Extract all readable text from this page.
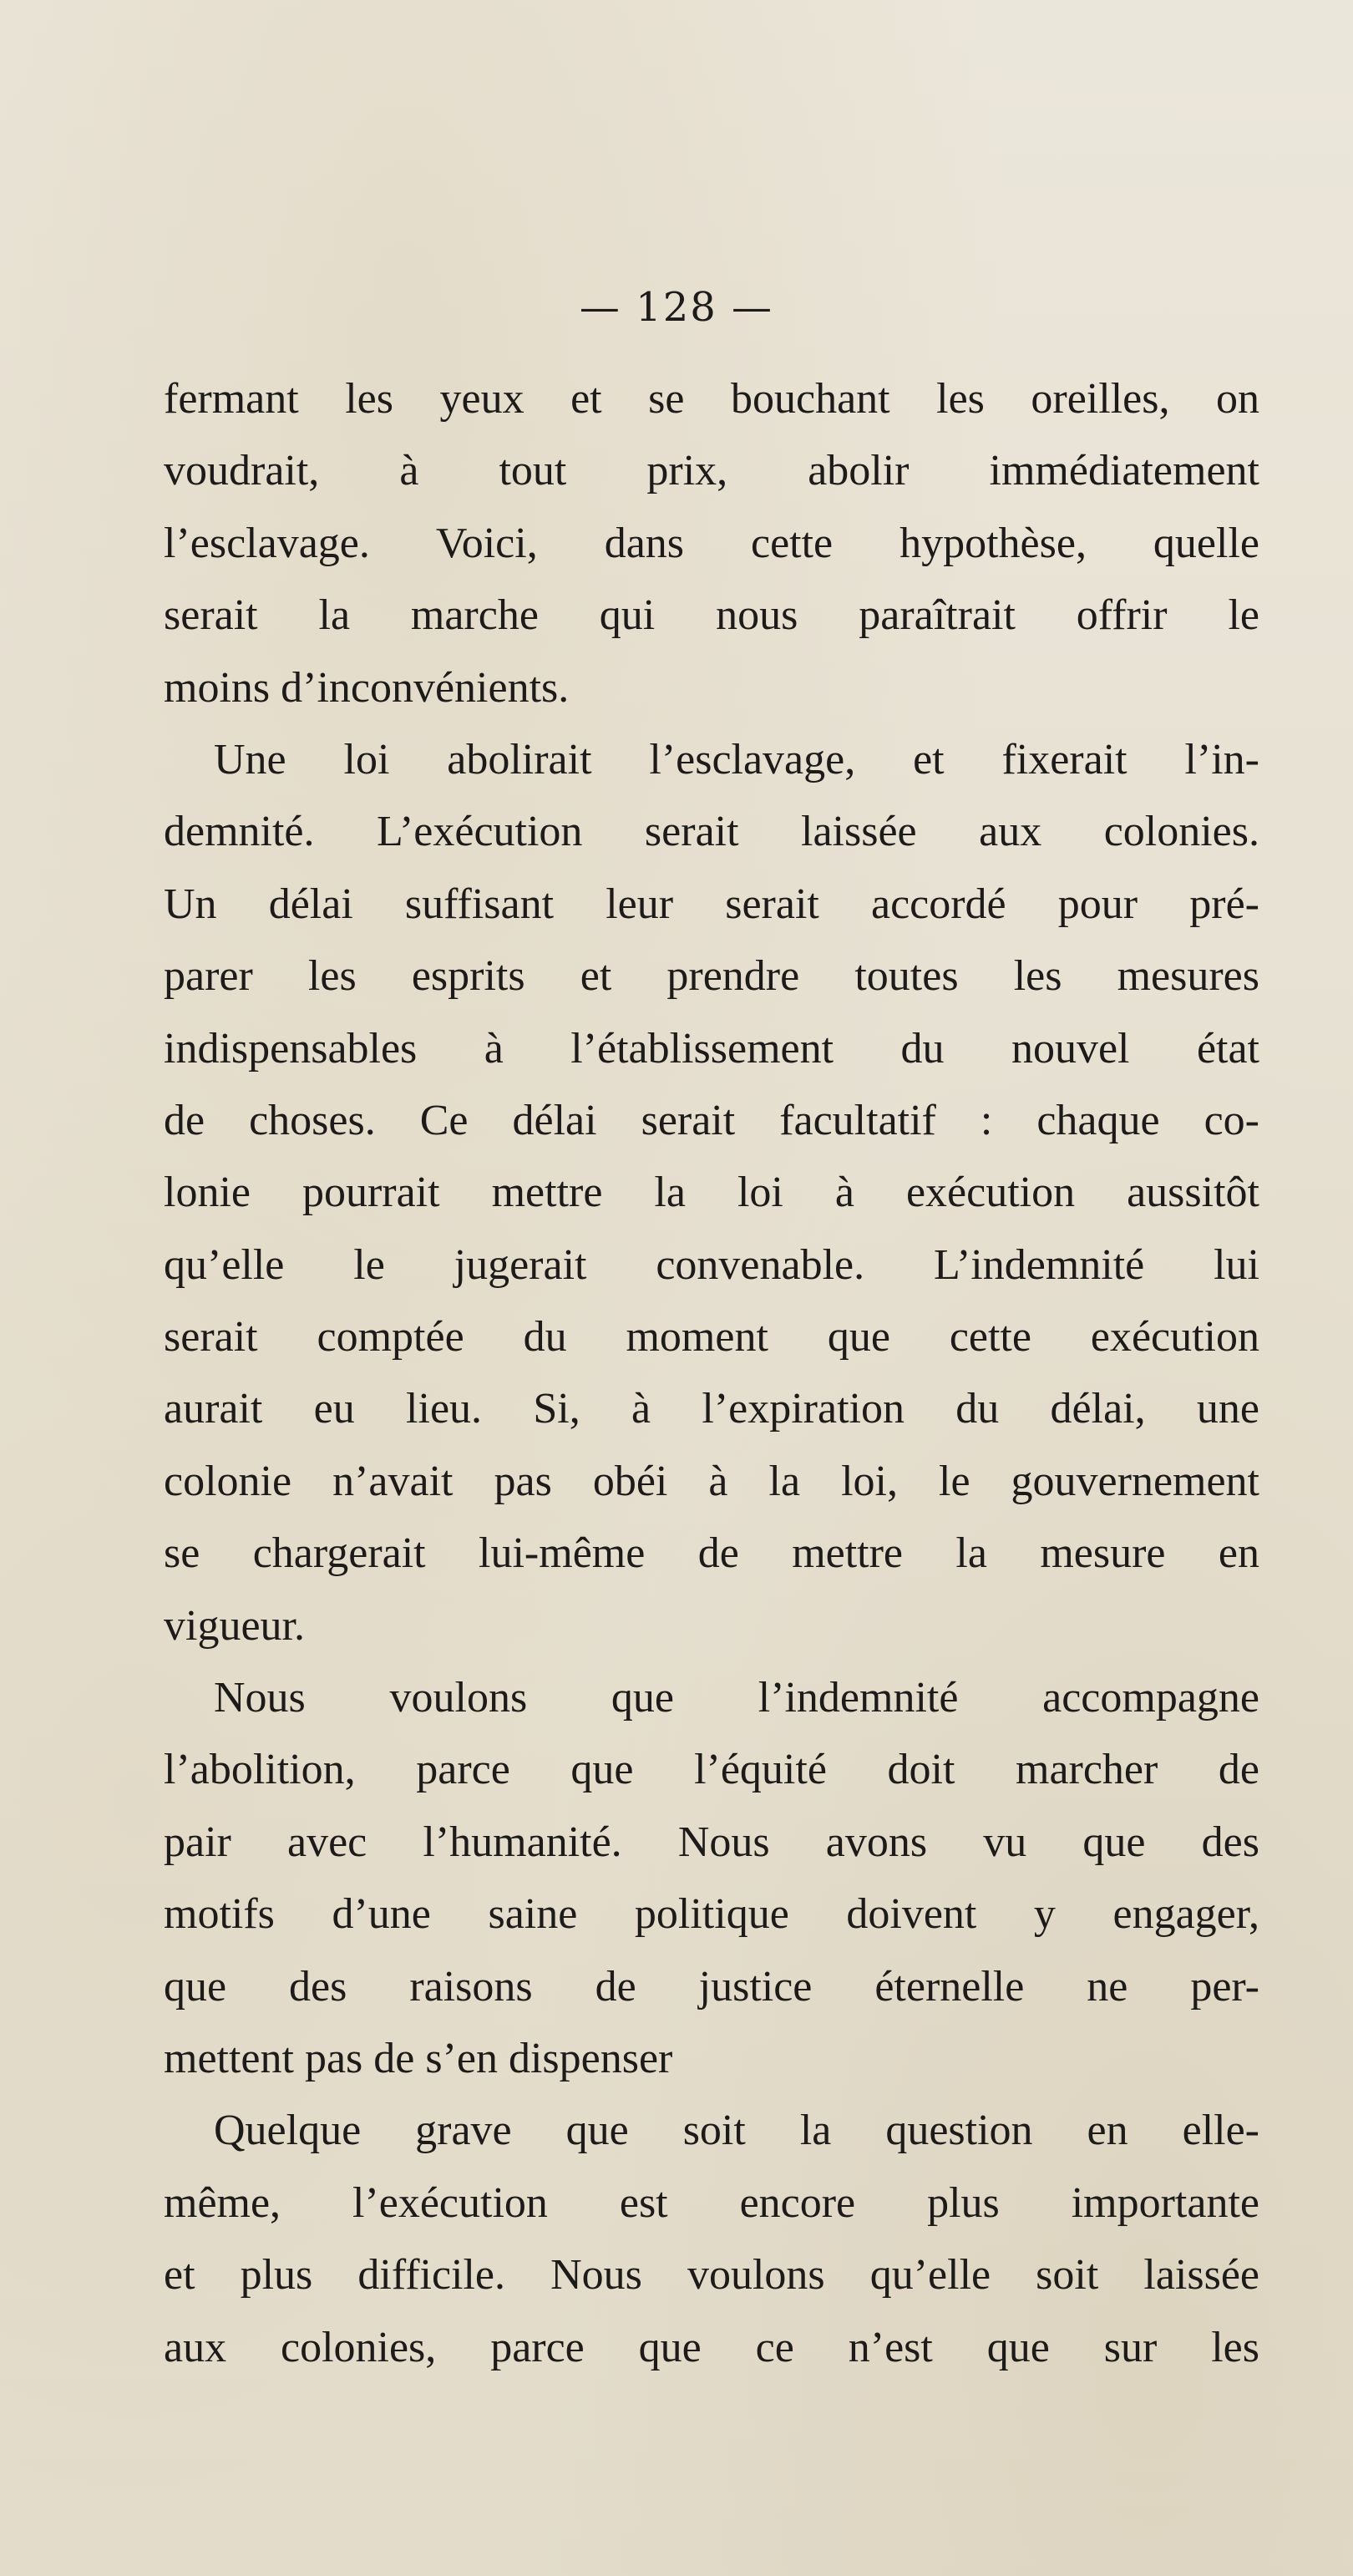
— 128 —
fermant les yeux et se bouchant les oreilles, on
voudrait, à tout prix, abolir immédiatement
l’esclavage. Voici, dans cette hypothèse, quelle
serait la marche qui nous paraîtrait offrir le
moins d’inconvénients.
Une loi abolirait l’esclavage, et fixerait l’in-
demnité. L’exécution serait laissée aux colonies.
Un délai suffisant leur serait accordé pour pré-
parer les esprits et prendre toutes les mesures
indispensables à l’établissement du nouvel état
de choses. Ce délai serait facultatif : chaque co-
lonie pourrait mettre la loi à exécution aussitôt
qu’elle le jugerait convenable. L’indemnité lui
serait comptée du moment que cette exécution
aurait eu lieu. Si, à l’expiration du délai, une
colonie n’avait pas obéi à la loi, le gouvernement
se chargerait lui-même de mettre la mesure en
vigueur.
Nous voulons que l’indemnité accompagne
l’abolition, parce que l’équité doit marcher de
pair avec l’humanité. Nous avons vu que des
motifs d’une saine politique doivent y engager,
que des raisons de justice éternelle ne per-
mettent pas de s’en dispenser
Quelque grave que soit la question en elle-
même, l’exécution est encore plus importante
et plus difficile. Nous voulons qu’elle soit laissée
aux colonies, parce que ce n’est que sur les
